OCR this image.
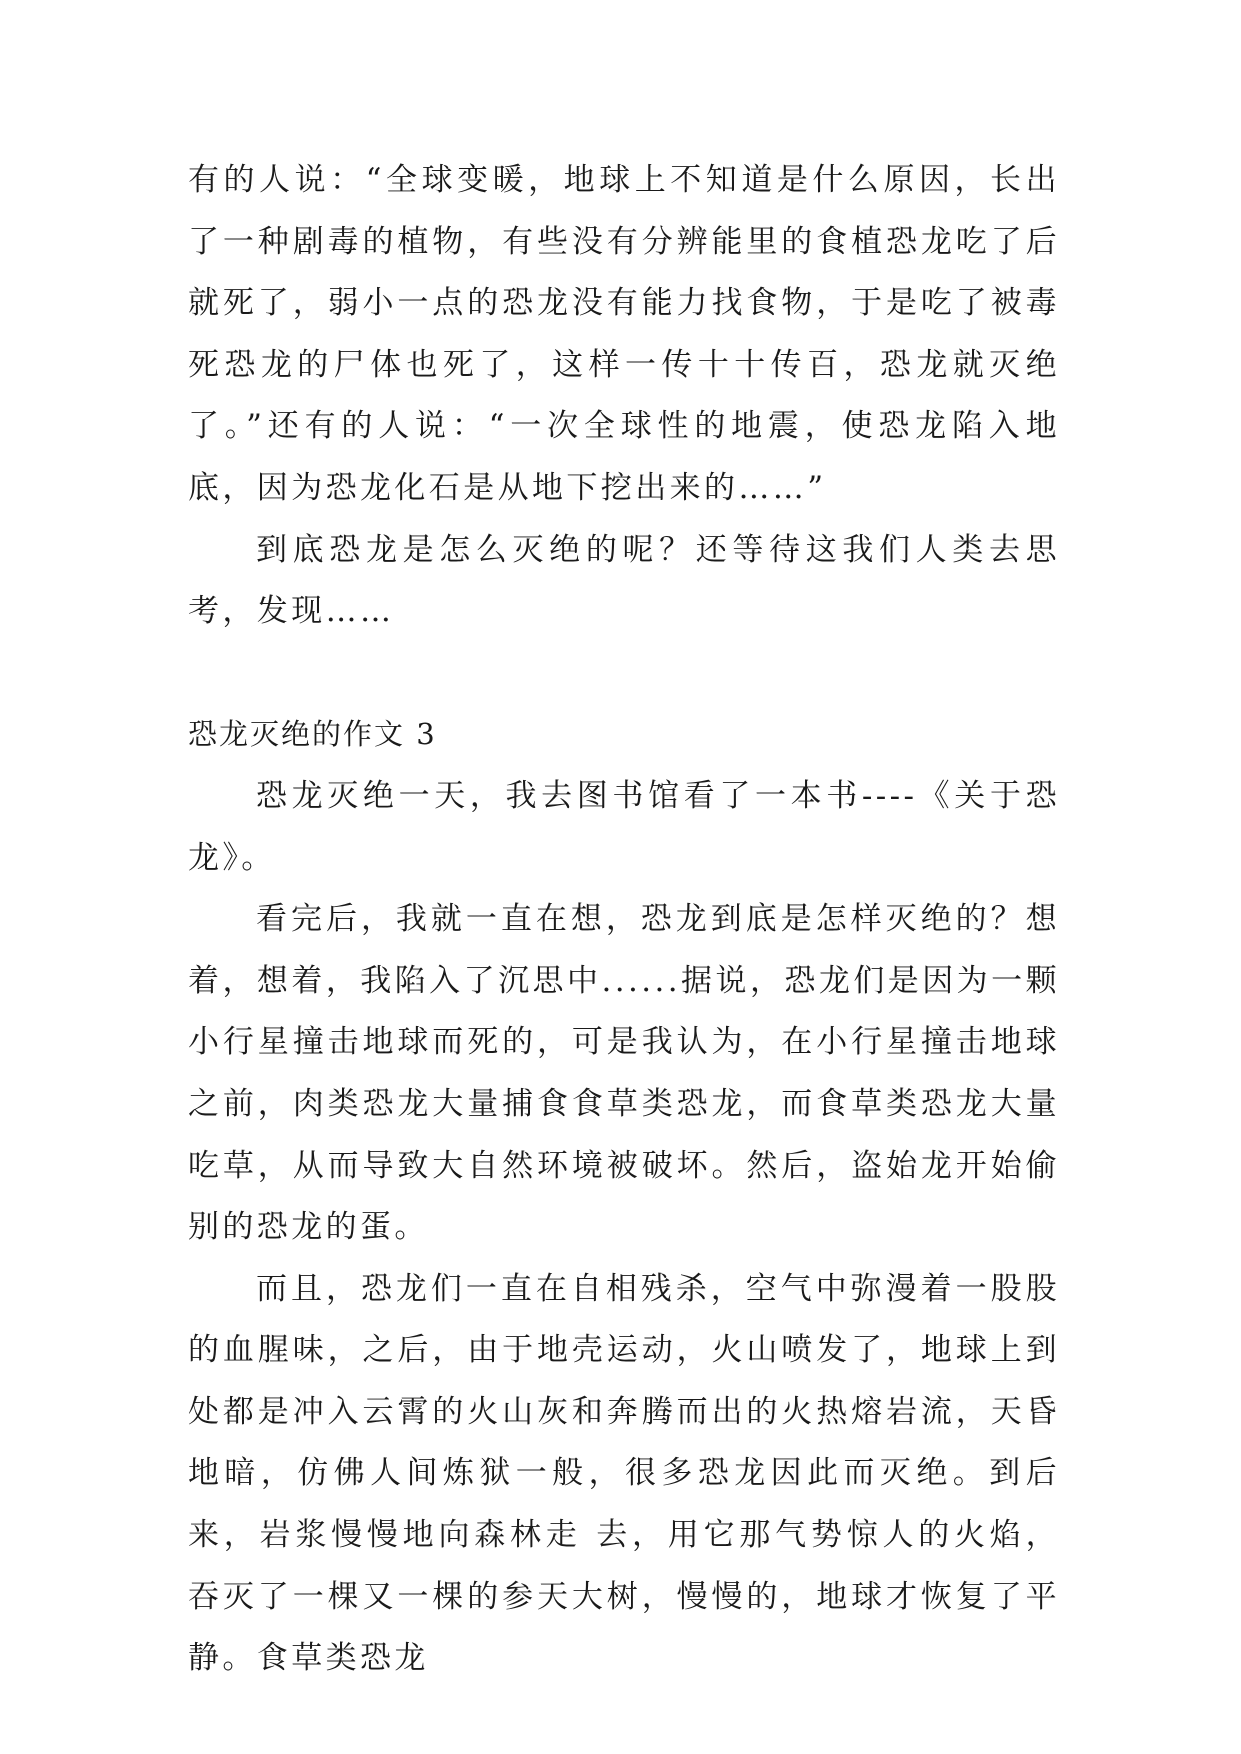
有的人说：“全球变暖，地球上不知道是什么原因，长出了一种剧毒的植物，有些没有分辨能里的食植恐龙吃了后就死了，弱小一点的恐龙没有能力找食物，于是吃了被毒死恐龙的尸体也死了，这样一传十十传百，恐龙就灭绝了。”还有的人说：“一次全球性的地震，使恐龙陷入地底，因为恐龙化石是从地下挖出来的……”

到底恐龙是怎么灭绝的呢？还等待这我们人类去思考，发现……

恐龙灭绝的作文 3

恐龙灭绝一天，我去图书馆看了一本书----《关于恐龙》。

看完后，我就一直在想，恐龙到底是怎样灭绝的？想着，想着，我陷入了沉思中......据说，恐龙们是因为一颗小行星撞击地球而死的，可是我认为，在小行星撞击地球之前，肉类恐龙大量捕食食草类恐龙，而食草类恐龙大量吃草，从而导致大自然环境被破坏。然后，盗始龙开始偷别的恐龙的蛋。

而且，恐龙们一直在自相残杀，空气中弥漫着一股股的血腥味，之后，由于地壳运动，火山喷发了，地球上到处都是冲入云霄的火山灰和奔腾而出的火热熔岩流，天昏地暗，仿佛人间炼狱一般，很多恐龙因此而灭绝。到后来，岩浆慢慢地向森林走 去，用它那气势惊人的火焰，吞灭了一棵又一棵的参天大树，慢慢的，地球才恢复了平静。食草类恐龙
